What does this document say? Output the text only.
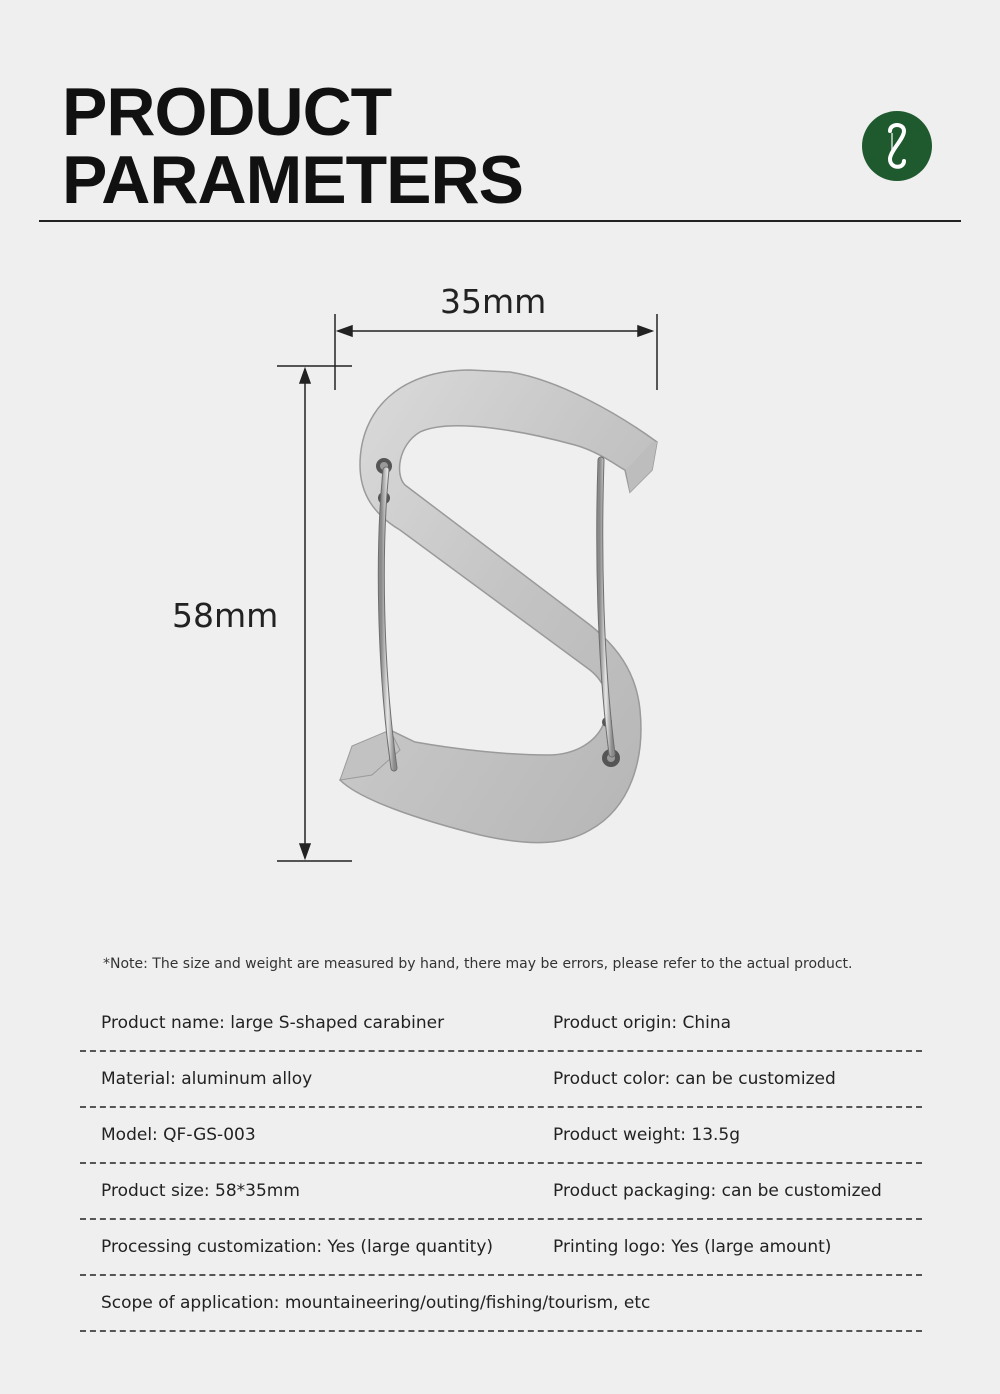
PRODUCT
PARAMETERS
35mm
58mm
*Note: The size and weight are measured by hand, there may be errors, please refer to the actual product.
Product name: large S-shaped carabiner	Product origin: China
Material: aluminum alloy	Product color: can be customized
Model: QF-GS-003	Product weight: 13.5g
Product size: 58*35mm	Product packaging: can be customized
Processing customization: Yes (large quantity)	Printing logo: Yes (large amount)
Scope of application: mountaineering/outing/fishing/tourism, etc
